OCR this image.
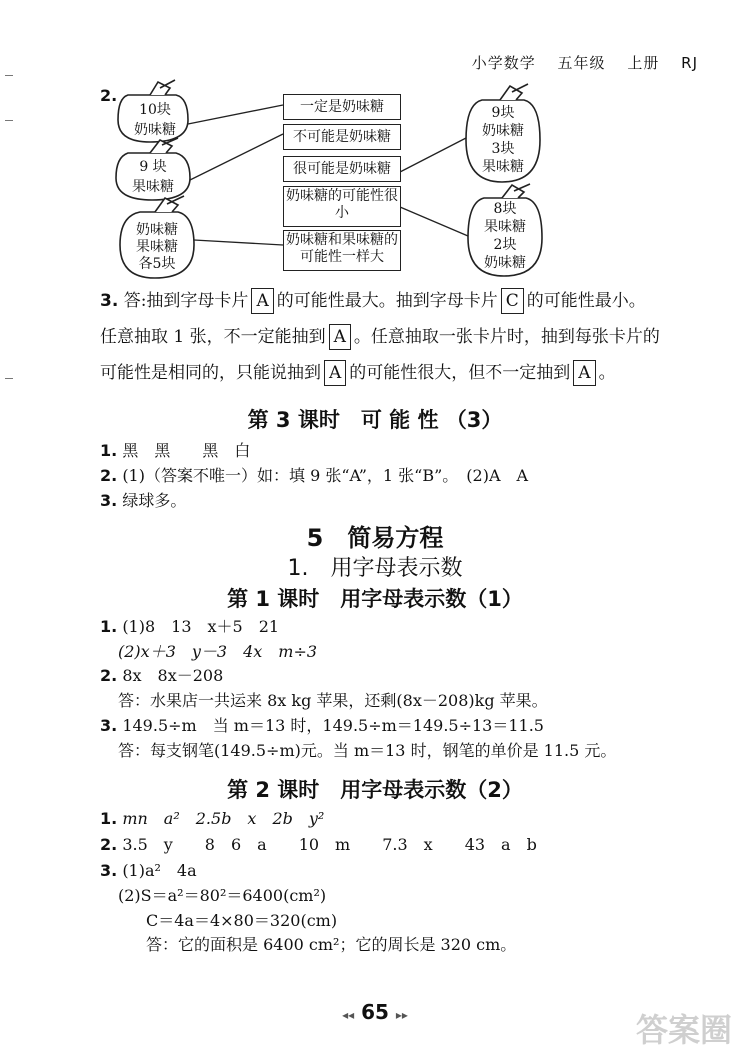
小学数学 五年级 上册 RJ
2.
10块
奶味糖
9 块
果味糖
奶味糖
果味糖
各5块
9块
奶味糖
3块
果味糖
8块
果味糖
2块
奶味糖
一定是奶味糖
不可能是奶味糖
很可能是奶味糖
奶味糖的可能性很小
奶味糖和果味糖的可能性一样大
3. 答:抽到字母卡片 A 的可能性最大。抽到字母卡片 C 的可能性最小。
任意抽取 1 张，不一定能抽到 A 。任意抽取一张卡片时，抽到每张卡片的
可能性是相同的，只能说抽到 A 的可能性很大，但不一定抽到 A 。
第 3 课时　可 能 性 （3）
1. 黑　黑　　黑　白
2. (1)（答案不唯一）如：填 9 张“A”，1 张“B”。　(2)A　A
3. 绿球多。
5　简易方程
1.　用字母表示数
第 1 课时　用字母表示数（1）
1. (1)8　13　x＋5　21
(2)x＋3　y－3　4x　m÷3
2. 8x　8x－208
答：水果店一共运来 8x kg 苹果，还剩(8x－208)kg 苹果。
3. 149.5÷m　当 m＝13 时，149.5÷m＝149.5÷13＝11.5
答：每支钢笔(149.5÷m)元。当 m＝13 时，钢笔的单价是 11.5 元。
第 2 课时　用字母表示数（2）
1. mn　a²　2.5b　x　2b　y²
2. 3.5　y　　8　6　a　　10　m　　7.3　x　　43　a　b
3. (1)a²　4a
(2)S＝a²＝80²＝6400(cm²)
C＝4a＝4×80＝320(cm)
答：它的面积是 6400 cm²；它的周长是 320 cm。
◂◂ 65 ▸▸	答案圈
